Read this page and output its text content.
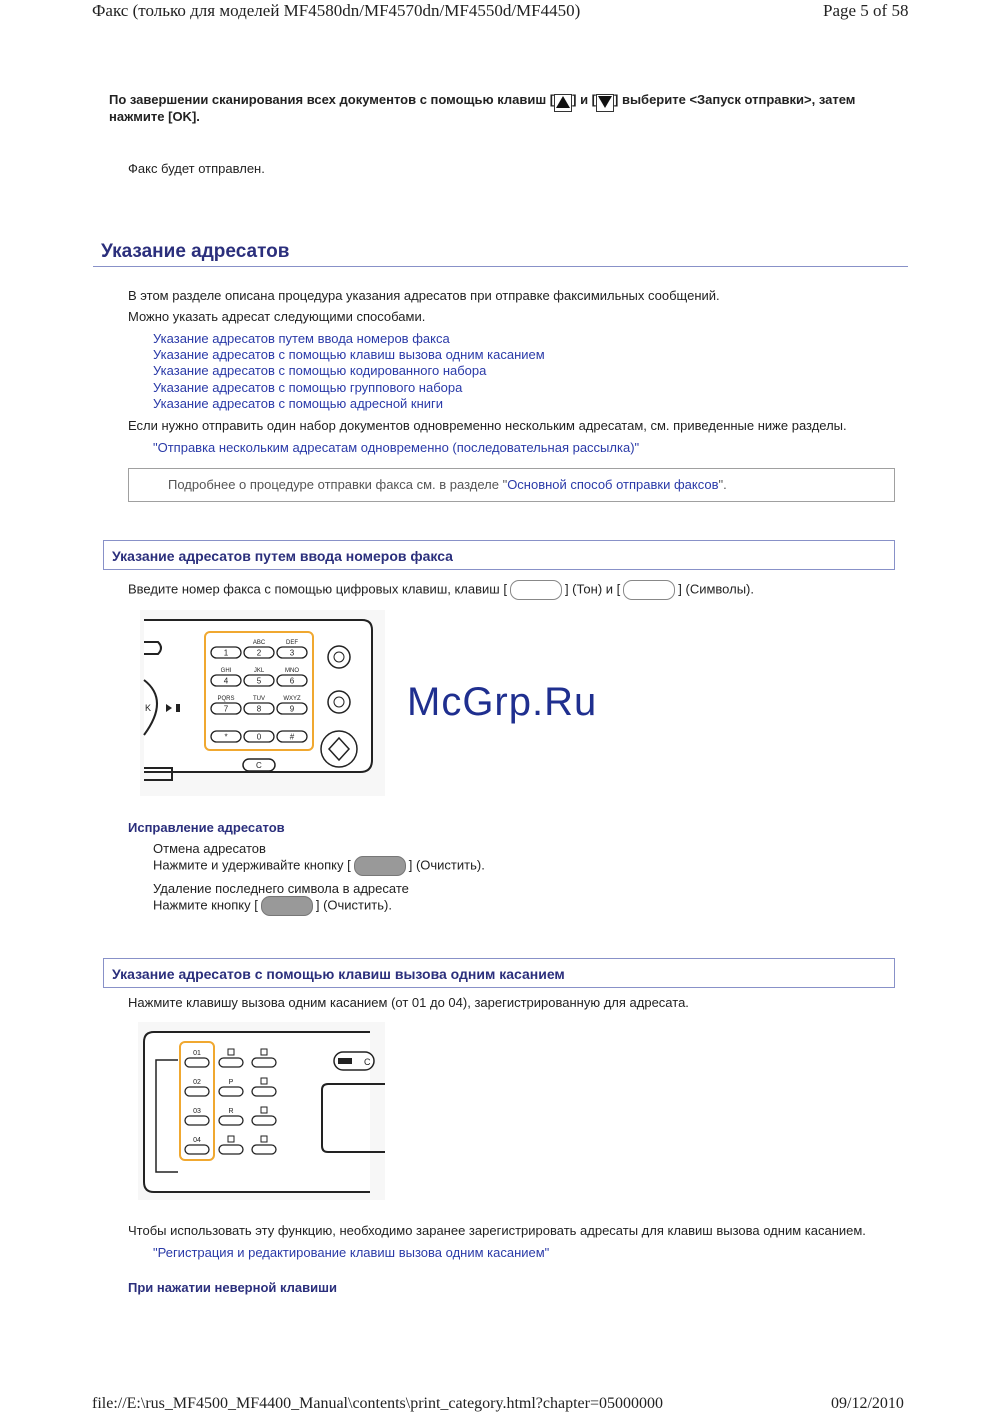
Факс (только для моделей MF4580dn/MF4570dn/MF4550d/MF4450)	Page 5 of 58
По завершении сканирования всех документов с помощью клавиш [ ] и [ ] выберите <Запуск отправки>, затем
нажмите [OK].
Факс будет отправлен.
Указание адресатов
В этом разделе описана процедура указания адресатов при отправке факсимильных сообщений.
Можно указать адресат следующими способами.
Указание адресатов путем ввода номеров факса
Указание адресатов с помощью клавиш вызова одним касанием
Указание адресатов с помощью кодированного набора
Указание адресатов с помощью группового набора
Указание адресатов с помощью адресной книги
Если нужно отправить один набор документов одновременно нескольким адресатам, см. приведенные ниже разделы.
"Отправка нескольким адресатам одновременно (последовательная рассылка)"
Подробнее о процедуре отправки факса см. в разделе "Основной способ отправки факсов".
Указание адресатов путем ввода номеров факса
Введите номер факса с помощью цифровых клавиш, клавиш [	] (Тон) и [	] (Символы).
K
1	2
ABC
3
DEF
4
GHI
5
JKL
6
MNO
7
PQRS
8
TUV
9
WXYZ
*	0	#
C
McGrp.Ru
Исправление адресатов
Отмена адресатов
Нажмите и удерживайте кнопку [	] (Очистить).
Удаление последнего символа в адресате
Нажмите кнопку [	] (Очистить).
Указание адресатов с помощью клавиш вызова одним касанием
Нажмите клавишу вызова одним касанием (от 01 до 04), зарегистрированную для адресата.
01
02	P
03	R
04
C
Чтобы использовать эту функцию, необходимо заранее зарегистрировать адресаты для клавиш вызова одним касанием.
"Регистрация и редактирование клавиш вызова одним касанием"
При нажатии неверной клавиши
file://E:\rus_MF4500_MF4400_Manual\contents\print_category.html?chapter=05000000	09/12/2010
